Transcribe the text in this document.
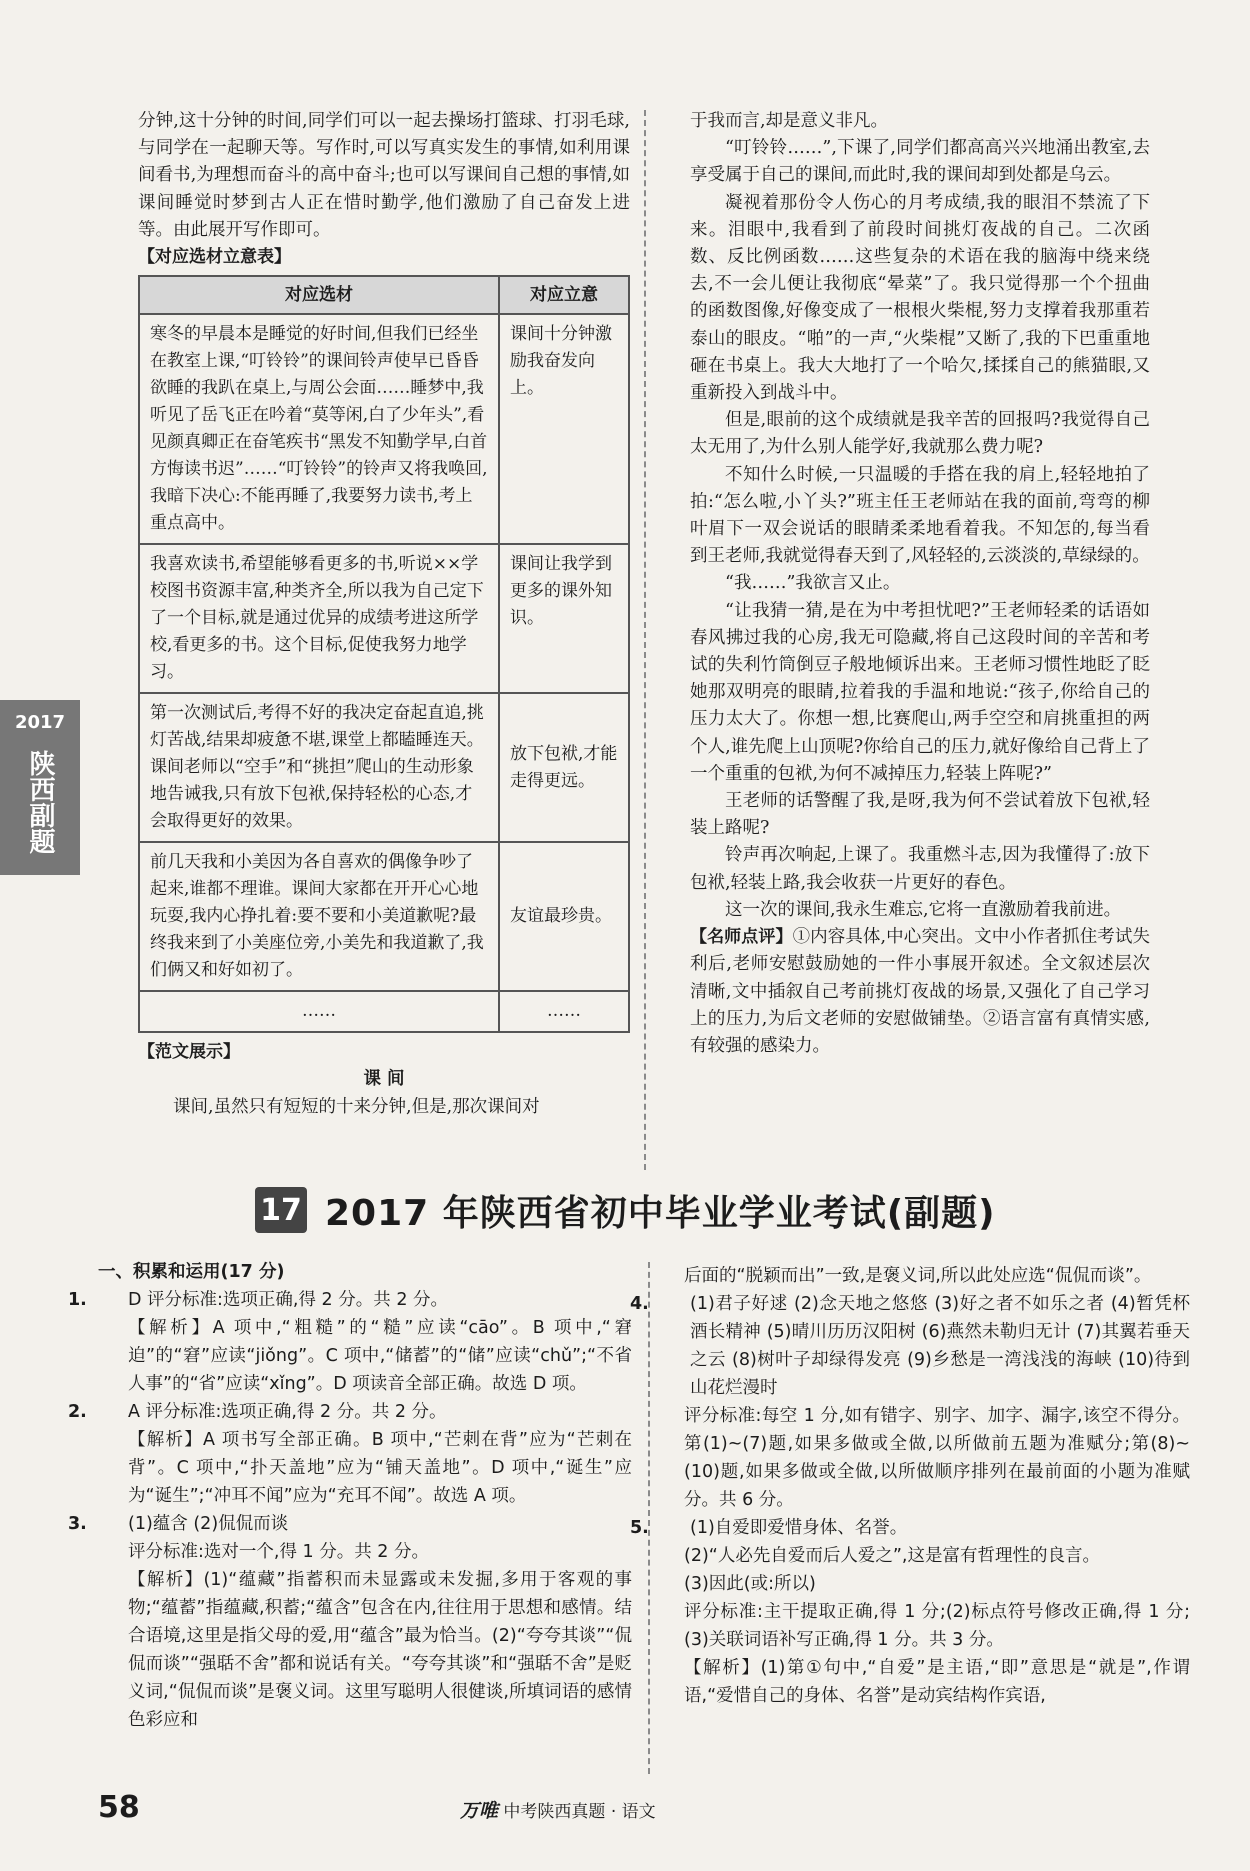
分钟,这十分钟的时间,同学们可以一起去操场打篮球、打羽毛球,与同学在一起聊天等。写作时,可以写真实发生的事情,如利用课间看书,为理想而奋斗的高中奋斗;也可以写课间自己想的事情,如课间睡觉时梦到古人正在惜时勤学,他们激励了自己奋发上进等。由此展开写作即可。

【对应选材立意表】
对应选材	对应立意
寒冬的早晨本是睡觉的好时间,但我们已经坐在教室上课,“叮铃铃”的课间铃声使早已昏昏欲睡的我趴在桌上,与周公会面……睡梦中,我听见了岳飞正在吟着“莫等闲,白了少年头”,看见颜真卿正在奋笔疾书“黑发不知勤学早,白首方悔读书迟”……“叮铃铃”的铃声又将我唤回,我暗下决心:不能再睡了,我要努力读书,考上重点高中。	课间十分钟激励我奋发向上。
我喜欢读书,希望能够看更多的书,听说××学校图书资源丰富,种类齐全,所以我为自己定下了一个目标,就是通过优异的成绩考进这所学校,看更多的书。这个目标,促使我努力地学习。	课间让我学到更多的课外知识。
第一次测试后,考得不好的我决定奋起直追,挑灯苦战,结果却疲惫不堪,课堂上都瞌睡连天。课间老师以“空手”和“挑担”爬山的生动形象地告诫我,只有放下包袱,保持轻松的心态,才会取得更好的效果。	放下包袱,才能走得更远。
前几天我和小美因为各自喜欢的偶像争吵了起来,谁都不理谁。课间大家都在开开心心地玩耍,我内心挣扎着:要不要和小美道歉呢?最终我来到了小美座位旁,小美先和我道歉了,我们俩又和好如初了。	友谊最珍贵。
……	……
【范文展示】
课 间

课间,虽然只有短短的十来分钟,但是,那次课间对

于我而言,却是意义非凡。

“叮铃铃……”,下课了,同学们都高高兴兴地涌出教室,去享受属于自己的课间,而此时,我的课间却到处都是乌云。

凝视着那份令人伤心的月考成绩,我的眼泪不禁流了下来。泪眼中,我看到了前段时间挑灯夜战的自己。二次函数、反比例函数……这些复杂的术语在我的脑海中绕来绕去,不一会儿便让我彻底“晕菜”了。我只觉得那一个个扭曲的函数图像,好像变成了一根根火柴棍,努力支撑着我那重若泰山的眼皮。“啪”的一声,“火柴棍”又断了,我的下巴重重地砸在书桌上。我大大地打了一个哈欠,揉揉自己的熊猫眼,又重新投入到战斗中。

但是,眼前的这个成绩就是我辛苦的回报吗?我觉得自己太无用了,为什么别人能学好,我就那么费力呢?

不知什么时候,一只温暖的手搭在我的肩上,轻轻地拍了拍:“怎么啦,小丫头?”班主任王老师站在我的面前,弯弯的柳叶眉下一双会说话的眼睛柔柔地看着我。不知怎的,每当看到王老师,我就觉得春天到了,风轻轻的,云淡淡的,草绿绿的。

“我……”我欲言又止。

“让我猜一猜,是在为中考担忧吧?”王老师轻柔的话语如春风拂过我的心房,我无可隐藏,将自己这段时间的辛苦和考试的失利竹筒倒豆子般地倾诉出来。王老师习惯性地眨了眨她那双明亮的眼睛,拉着我的手温和地说:“孩子,你给自己的压力太大了。你想一想,比赛爬山,两手空空和肩挑重担的两个人,谁先爬上山顶呢?你给自己的压力,就好像给自己背上了一个重重的包袱,为何不减掉压力,轻装上阵呢?”

王老师的话警醒了我,是呀,我为何不尝试着放下包袱,轻装上路呢?

铃声再次响起,上课了。我重燃斗志,因为我懂得了:放下包袱,轻装上路,我会收获一片更好的春色。

这一次的课间,我永生难忘,它将一直激励着我前进。

【名师点评】①内容具体,中心突出。文中小作者抓住考试失利后,老师安慰鼓励她的一件小事展开叙述。全文叙述层次清晰,文中插叙自己考前挑灯夜战的场景,又强化了自己学习上的压力,为后文老师的安慰做铺垫。②语言富有真情实感,有较强的感染力。

2017
陕西副题
17 2017 年陕西省初中毕业学业考试(副题)

一、积累和运用(17 分)

1. D 评分标准:选项正确,得 2 分。共 2 分。

【解析】A 项中,“粗糙”的“糙”应读“cāo”。B 项中,“窘迫”的“窘”应读“jiǒng”。C 项中,“储蓄”的“储”应读“chǔ”;“不省人事”的“省”应读“xǐng”。D 项读音全部正确。故选 D 项。

2. A 评分标准:选项正确,得 2 分。共 2 分。

【解析】A 项书写全部正确。B 项中,“芒刺在背”应为“芒刺在背”。C 项中,“扑天盖地”应为“铺天盖地”。D 项中,“诞生”应为“诞生”;“冲耳不闻”应为“充耳不闻”。故选 A 项。

3. (1)蕴含 (2)侃侃而谈

评分标准:选对一个,得 1 分。共 2 分。

【解析】(1)“蕴藏”指蓄积而未显露或未发掘,多用于客观的事物;“蕴蓄”指蕴藏,积蓄;“蕴含”包含在内,往往用于思想和感情。结合语境,这里是指父母的爱,用“蕴含”最为恰当。(2)“夸夸其谈”“侃侃而谈”“强聒不舍”都和说话有关。“夸夸其谈”和“强聒不舍”是贬义词,“侃侃而谈”是褒义词。这里写聪明人很健谈,所填词语的感情色彩应和

后面的“脱颖而出”一致,是褒义词,所以此处应选“侃侃而谈”。

4. (1)君子好逑 (2)念天地之悠悠 (3)好之者不如乐之者 (4)暂凭杯酒长精神 (5)晴川历历汉阳树 (6)燕然未勒归无计 (7)其翼若垂天之云 (8)树叶子却绿得发亮 (9)乡愁是一湾浅浅的海峡 (10)待到山花烂漫时

评分标准:每空 1 分,如有错字、别字、加字、漏字,该空不得分。第(1)~(7)题,如果多做或全做,以所做前五题为准赋分;第(8)~(10)题,如果多做或全做,以所做顺序排列在最前面的小题为准赋分。共 6 分。

5. (1)自爱即爱惜身体、名誉。

(2)“人必先自爱而后人爱之”,这是富有哲理性的良言。

(3)因此(或:所以)

评分标准:主干提取正确,得 1 分;(2)标点符号修改正确,得 1 分;(3)关联词语补写正确,得 1 分。共 3 分。

【解析】(1)第①句中,“自爱”是主语,“即”意思是“就是”,作谓语,“爱惜自己的身体、名誉”是动宾结构作宾语,

58	万唯 中考陕西真题 · 语文
